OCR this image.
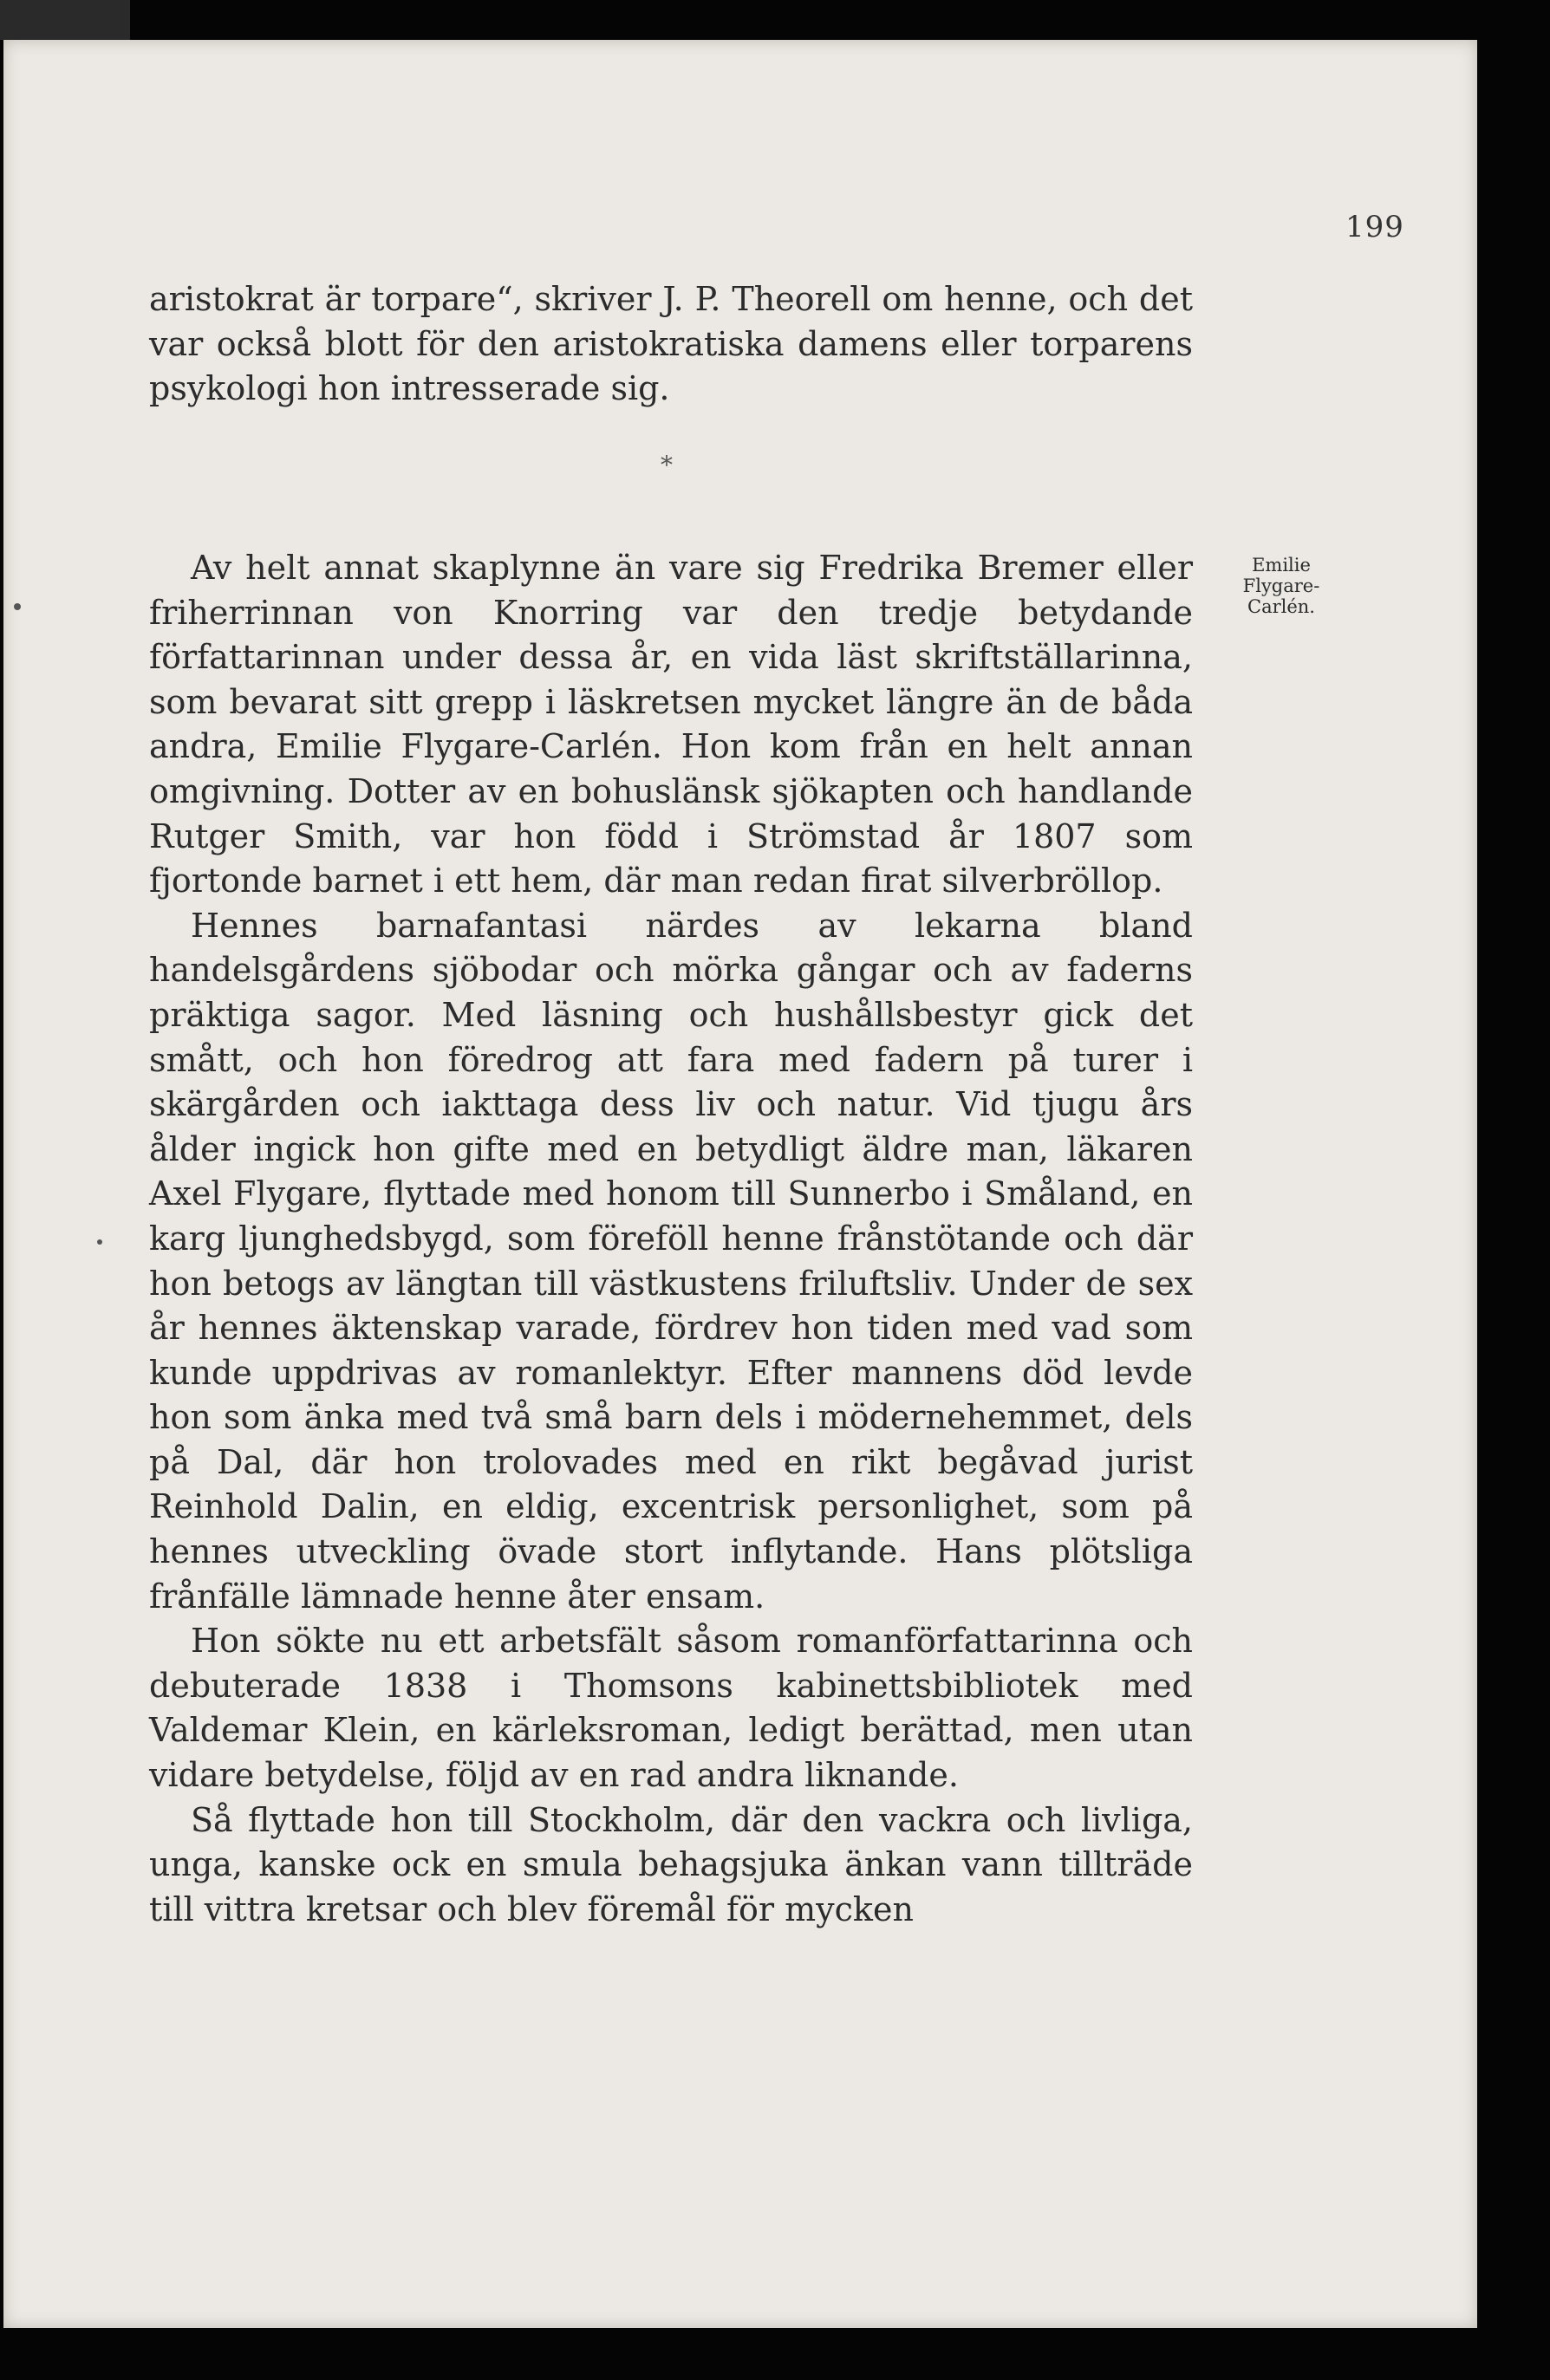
199

aristokrat är torpare“, skriver J. P. Theorell om henne, och det var också blott för den aristokratiska damens eller torparens psykologi hon intresserade sig.

*

Av helt annat skaplynne än vare sig Fredrika Bremer eller friherrinnan von Knorring var den tredje betydande författarinnan under dessa år, en vida läst skriftställarinna, som bevarat sitt grepp i läskretsen mycket längre än de båda andra, Emilie Flygare-Carlén. Hon kom från en helt annan omgivning. Dotter av en bohuslänsk sjökapten och handlande Rutger Smith, var hon född i Strömstad år 1807 som fjortonde barnet i ett hem, där man redan firat silverbröllop.

Hennes barnafantasi närdes av lekarna bland handelsgårdens sjöbodar och mörka gångar och av faderns präktiga sagor. Med läsning och hushållsbestyr gick det smått, och hon föredrog att fara med fadern på turer i skärgården och iakttaga dess liv och natur. Vid tjugu års ålder ingick hon gifte med en betydligt äldre man, läkaren Axel Flygare, flyttade med honom till Sunnerbo i Småland, en karg ljunghedsbygd, som föreföll henne frånstötande och där hon betogs av längtan till västkustens friluftsliv. Under de sex år hennes äktenskap varade, fördrev hon tiden med vad som kunde uppdrivas av romanlektyr. Efter mannens död levde hon som änka med två små barn dels i mödernehemmet, dels på Dal, där hon trolovades med en rikt begåvad jurist Reinhold Dalin, en eldig, excentrisk personlighet, som på hennes utveckling övade stort inflytande. Hans plötsliga frånfälle lämnade henne åter ensam.

Hon sökte nu ett arbetsfält såsom romanförfattarinna och debuterade 1838 i Thomsons kabinettsbibliotek med Valdemar Klein, en kärleksroman, ledigt berättad, men utan vidare betydelse, följd av en rad andra liknande.

Så flyttade hon till Stockholm, där den vackra och livliga, unga, kanske ock en smula behagsjuka änkan vann tillträde till vittra kretsar och blev föremål för mycken

Emilie
Flygare-
Carlén.
